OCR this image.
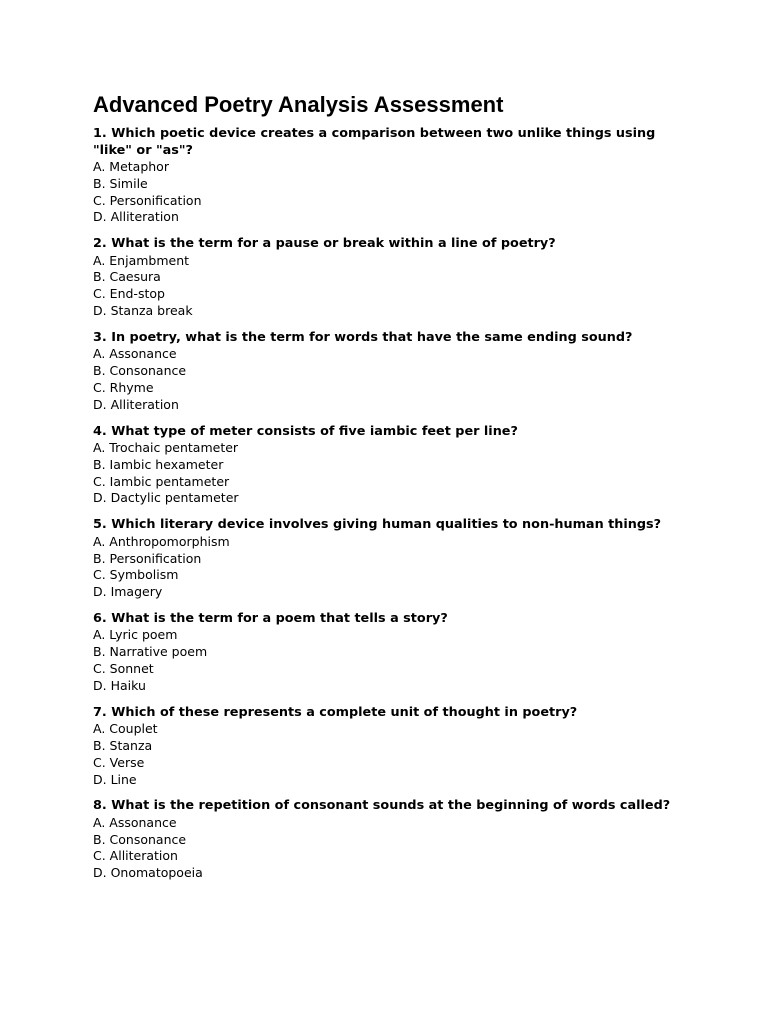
Advanced Poetry Analysis Assessment

1. Which poetic device creates a comparison between two unlike things using "like" or "as"?

A. Metaphor
B. Simile
C. Personification
D. Alliteration

2. What is the term for a pause or break within a line of poetry?

A. Enjambment
B. Caesura
C. End-stop
D. Stanza break

3. In poetry, what is the term for words that have the same ending sound?

A. Assonance
B. Consonance
C. Rhyme
D. Alliteration

4. What type of meter consists of five iambic feet per line?

A. Trochaic pentameter
B. Iambic hexameter
C. Iambic pentameter
D. Dactylic pentameter

5. Which literary device involves giving human qualities to non-human things?

A. Anthropomorphism
B. Personification
C. Symbolism
D. Imagery

6. What is the term for a poem that tells a story?

A. Lyric poem
B. Narrative poem
C. Sonnet
D. Haiku

7. Which of these represents a complete unit of thought in poetry?

A. Couplet
B. Stanza
C. Verse
D. Line

8. What is the repetition of consonant sounds at the beginning of words called?

A. Assonance
B. Consonance
C. Alliteration
D. Onomatopoeia
